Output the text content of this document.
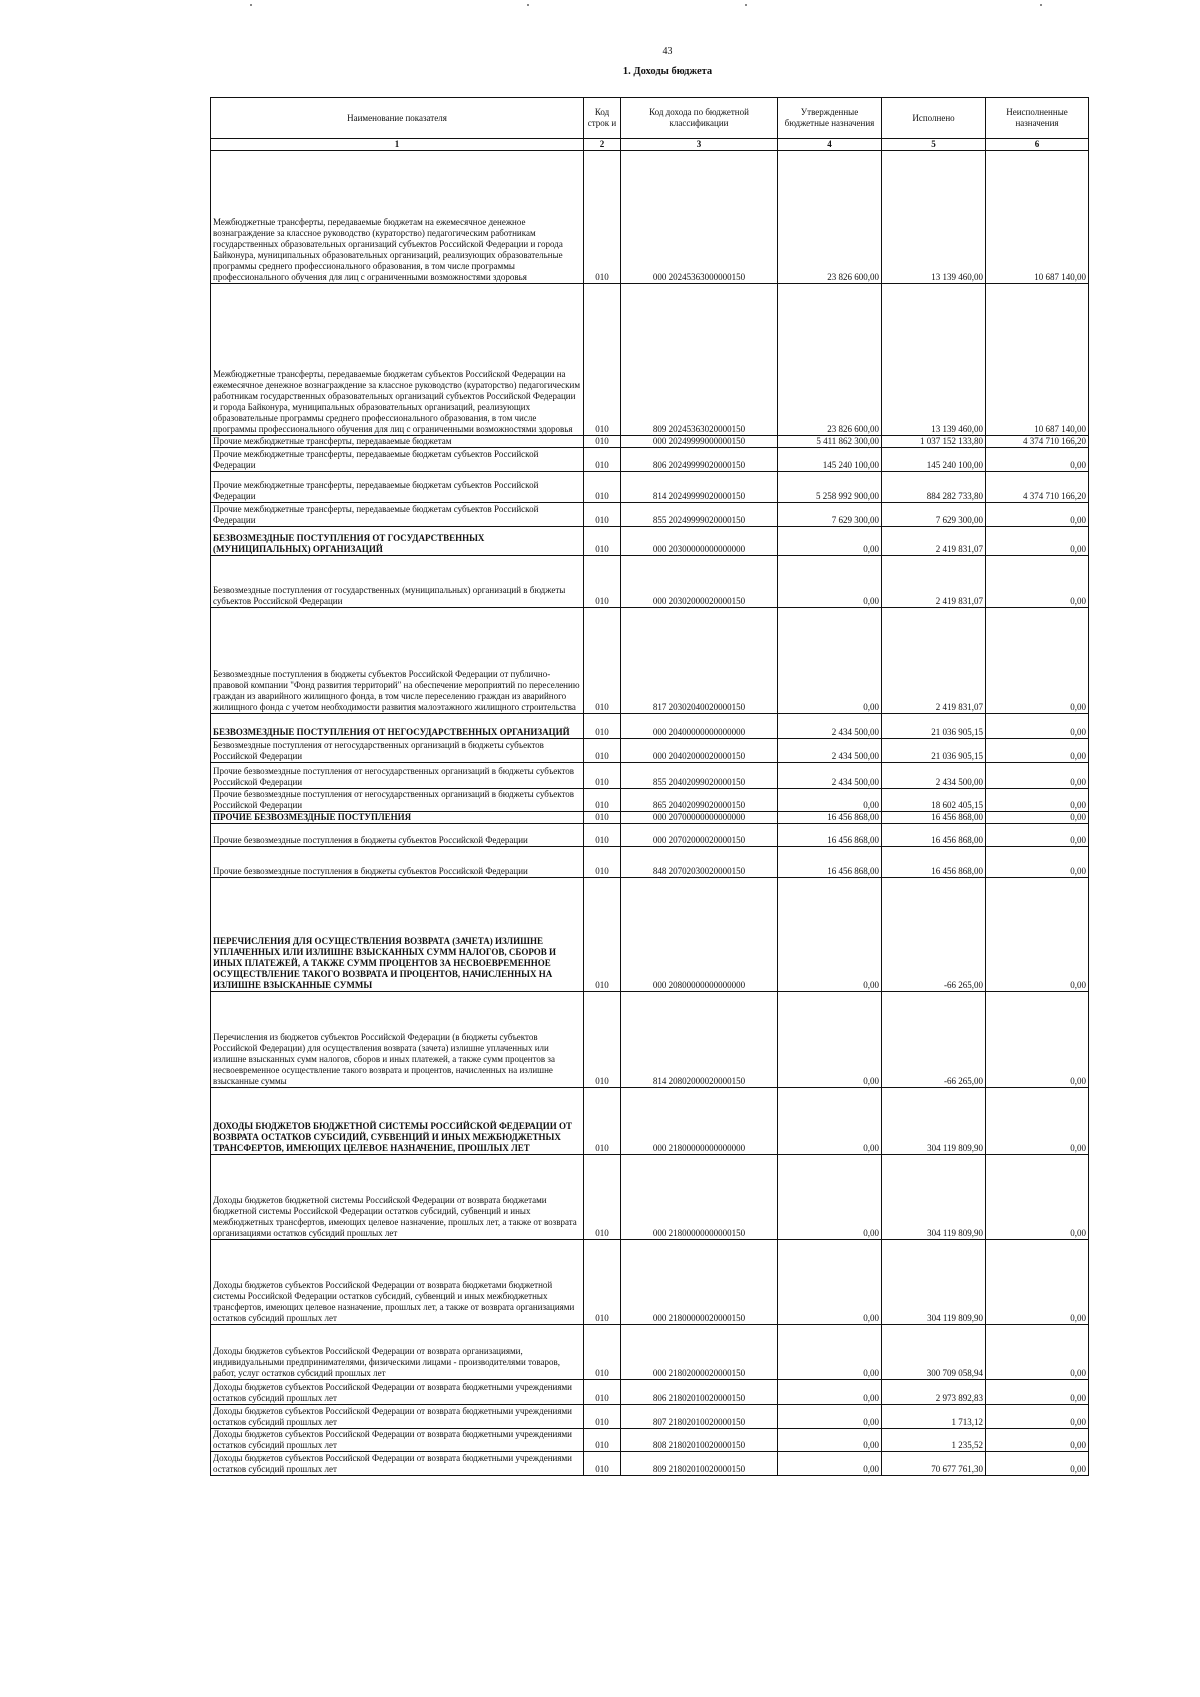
43
1. Доходы бюджета
Наименование показателя	Код строк и	Код дохода по бюджетной классификации	Утвержденные бюджетные назначения	Исполнено	Неисполненные назначения
1	2	3	4	5	6
Межбюджетные трансферты, передаваемые бюджетам на ежемесячное денежное вознаграждение за классное руководство (кураторство) педагогическим работникам государственных образовательных организаций субъектов Российской Федерации и города Байконура, муниципальных образовательных организаций, реализующих образовательные программы среднего профессионального образования, в том числе программы профессионального обучения для лиц с ограниченными возможностями здоровья	010	000 20245363000000150	23 826 600,00	13 139 460,00	10 687 140,00
Межбюджетные трансферты, передаваемые бюджетам субъектов Российской Федерации на ежемесячное денежное вознаграждение за классное руководство (кураторство) педагогическим работникам государственных образовательных организаций субъектов Российской Федерации и города Байконура, муниципальных образовательных организаций, реализующих образовательные программы среднего профессионального образования, в том числе программы профессионального обучения для лиц с ограниченными возможностями здоровья	010	809 20245363020000150	23 826 600,00	13 139 460,00	10 687 140,00
Прочие межбюджетные трансферты, передаваемые бюджетам	010	000 20249999000000150	5 411 862 300,00	1 037 152 133,80	4 374 710 166,20
Прочие межбюджетные трансферты, передаваемые бюджетам субъектов Российской Федерации	010	806 20249999020000150	145 240 100,00	145 240 100,00	0,00
Прочие межбюджетные трансферты, передаваемые бюджетам субъектов Российской Федерации	010	814 20249999020000150	5 258 992 900,00	884 282 733,80	4 374 710 166,20
Прочие межбюджетные трансферты, передаваемые бюджетам субъектов Российской Федерации	010	855 20249999020000150	7 629 300,00	7 629 300,00	0,00
БЕЗВОЗМЕЗДНЫЕ ПОСТУПЛЕНИЯ ОТ ГОСУДАРСТВЕННЫХ (МУНИЦИПАЛЬНЫХ) ОРГАНИЗАЦИЙ	010	000 20300000000000000	0,00	2 419 831,07	0,00
Безвозмездные поступления от государственных (муниципальных) организаций в бюджеты субъектов Российской Федерации	010	000 20302000020000150	0,00	2 419 831,07	0,00
Безвозмездные поступления в бюджеты субъектов Российской Федерации от публично-правовой компании "Фонд развития территорий" на обеспечение мероприятий по переселению граждан из аварийного жилищного фонда, в том числе переселению граждан из аварийного жилищного фонда с учетом необходимости развития малоэтажного жилищного строительства	010	817 20302040020000150	0,00	2 419 831,07	0,00
БЕЗВОЗМЕЗДНЫЕ ПОСТУПЛЕНИЯ ОТ НЕГОСУДАРСТВЕННЫХ ОРГАНИЗАЦИЙ	010	000 20400000000000000	2 434 500,00	21 036 905,15	0,00
Безвозмездные поступления от негосударственных организаций в бюджеты субъектов Российской Федерации	010	000 20402000020000150	2 434 500,00	21 036 905,15	0,00
Прочие безвозмездные поступления от негосударственных организаций в бюджеты субъектов Российской Федерации	010	855 20402099020000150	2 434 500,00	2 434 500,00	0,00
Прочие безвозмездные поступления от негосударственных организаций в бюджеты субъектов Российской Федерации	010	865 20402099020000150	0,00	18 602 405,15	0,00
ПРОЧИЕ БЕЗВОЗМЕЗДНЫЕ ПОСТУПЛЕНИЯ	010	000 20700000000000000	16 456 868,00	16 456 868,00	0,00
Прочие безвозмездные поступления в бюджеты субъектов Российской Федерации	010	000 20702000020000150	16 456 868,00	16 456 868,00	0,00
Прочие безвозмездные поступления в бюджеты субъектов Российской Федерации	010	848 20702030020000150	16 456 868,00	16 456 868,00	0,00
ПЕРЕЧИСЛЕНИЯ ДЛЯ ОСУЩЕСТВЛЕНИЯ ВОЗВРАТА (ЗАЧЕТА) ИЗЛИШНЕ УПЛАЧЕННЫХ ИЛИ ИЗЛИШНЕ ВЗЫСКАННЫХ СУММ НАЛОГОВ, СБОРОВ И ИНЫХ ПЛАТЕЖЕЙ, А ТАКЖЕ СУММ ПРОЦЕНТОВ ЗА НЕСВОЕВРЕМЕННОЕ ОСУЩЕСТВЛЕНИЕ ТАКОГО ВОЗВРАТА И ПРОЦЕНТОВ, НАЧИСЛЕННЫХ НА ИЗЛИШНЕ ВЗЫСКАННЫЕ СУММЫ	010	000 20800000000000000	0,00	-66 265,00	0,00
Перечисления из бюджетов субъектов Российской Федерации (в бюджеты субъектов Российской Федерации) для осуществления возврата (зачета) излишне уплаченных или излишне взысканных сумм налогов, сборов и иных платежей, а также сумм процентов за несвоевременное осуществление такого возврата и процентов, начисленных на излишне взысканные суммы	010	814 20802000020000150	0,00	-66 265,00	0,00
ДОХОДЫ БЮДЖЕТОВ БЮДЖЕТНОЙ СИСТЕМЫ РОССИЙСКОЙ ФЕДЕРАЦИИ ОТ ВОЗВРАТА ОСТАТКОВ СУБСИДИЙ, СУБВЕНЦИЙ И ИНЫХ МЕЖБЮДЖЕТНЫХ ТРАНСФЕРТОВ, ИМЕЮЩИХ ЦЕЛЕВОЕ НАЗНАЧЕНИЕ, ПРОШЛЫХ ЛЕТ	010	000 21800000000000000	0,00	304 119 809,90	0,00
Доходы бюджетов бюджетной системы Российской Федерации от возврата бюджетами бюджетной системы Российской Федерации остатков субсидий, субвенций и иных межбюджетных трансфертов, имеющих целевое назначение, прошлых лет, а также от возврата организациями остатков субсидий прошлых лет	010	000 21800000000000150	0,00	304 119 809,90	0,00
Доходы бюджетов субъектов Российской Федерации от возврата бюджетами бюджетной системы Российской Федерации остатков субсидий, субвенций и иных межбюджетных трансфертов, имеющих целевое назначение, прошлых лет, а также от возврата организациями остатков субсидий прошлых лет	010	000 21800000020000150	0,00	304 119 809,90	0,00
Доходы бюджетов субъектов Российской Федерации от возврата организациями, индивидуальными предпринимателями, физическими лицами - производителями товаров, работ, услуг остатков субсидий прошлых лет	010	000 21802000020000150	0,00	300 709 058,94	0,00
Доходы бюджетов субъектов Российской Федерации от возврата бюджетными учреждениями остатков субсидий прошлых лет	010	806 21802010020000150	0,00	2 973 892,83	0,00
Доходы бюджетов субъектов Российской Федерации от возврата бюджетными учреждениями остатков субсидий прошлых лет	010	807 21802010020000150	0,00	1 713,12	0,00
Доходы бюджетов субъектов Российской Федерации от возврата бюджетными учреждениями остатков субсидий прошлых лет	010	808 21802010020000150	0,00	1 235,52	0,00
Доходы бюджетов субъектов Российской Федерации от возврата бюджетными учреждениями остатков субсидий прошлых лет	010	809 21802010020000150	0,00	70 677 761,30	0,00
